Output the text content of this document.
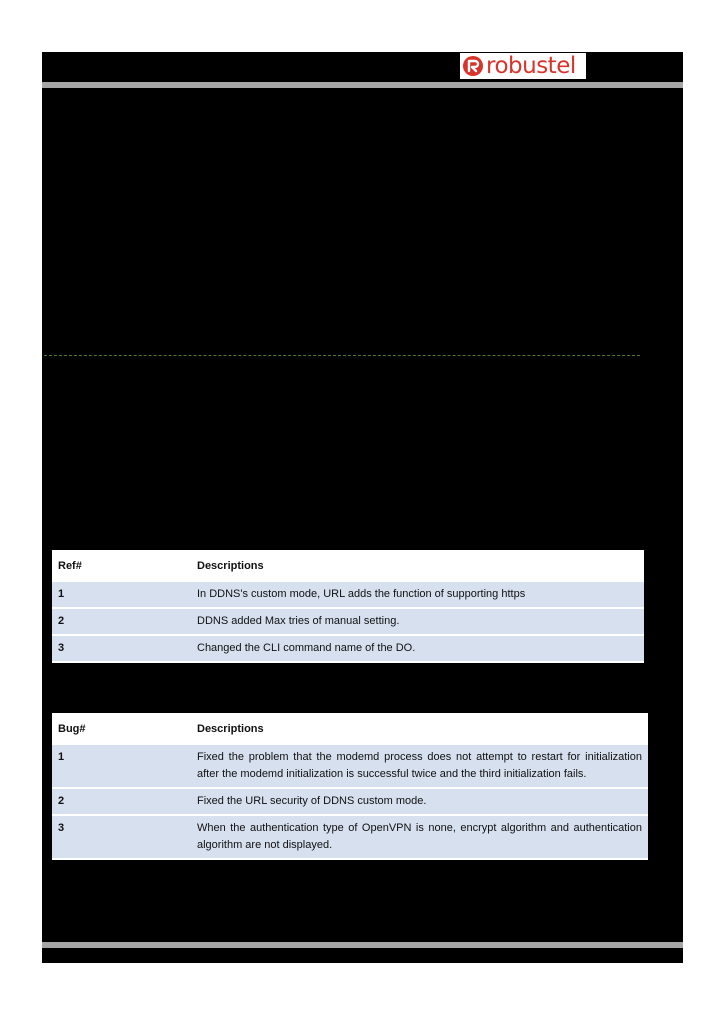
robustel
Ref#	Descriptions
1	In DDNS's custom mode, URL adds the function of supporting https
2	DDNS added Max tries of manual setting.
3	Changed the CLI command name of the DO.
Bug#	Descriptions
1	Fixed the problem that the modemd process does not attempt to restart for initialization after the modemd initialization is successful twice and the third initialization fails.
2	Fixed the URL security of DDNS custom mode.
3	When the authentication type of OpenVPN is none, encrypt algorithm and authentication algorithm are not displayed.
